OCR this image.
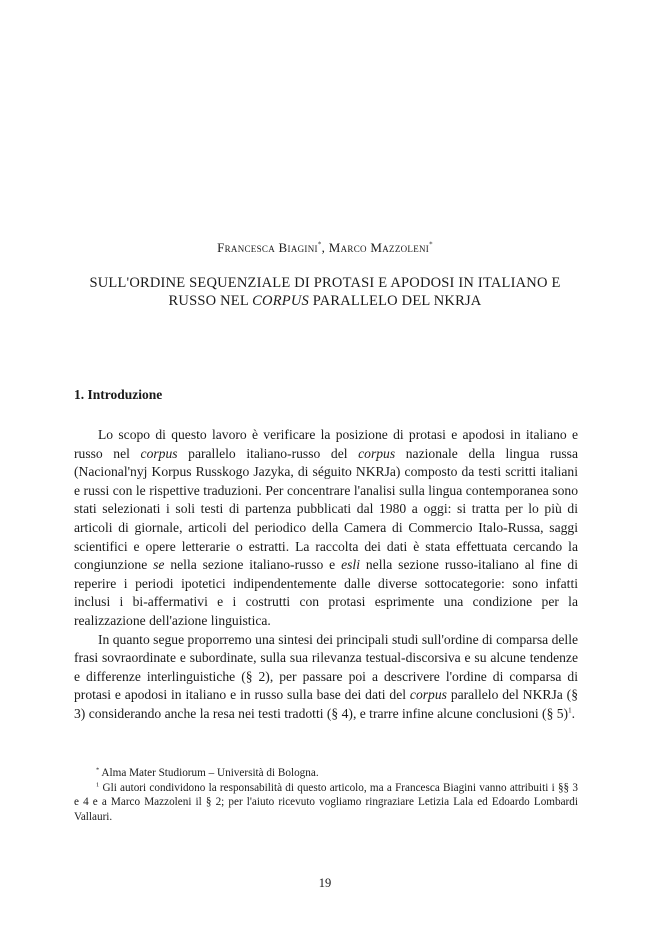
Francesca Biagini*, Marco Mazzoleni*
SULL'ORDINE SEQUENZIALE DI PROTASI E APODOSI IN ITALIANO E
RUSSO NEL CORPUS PARALLELO DEL NKRJA
1. Introduzione

Lo scopo di questo lavoro è verificare la posizione di protasi e apodosi in italiano e russo nel corpus parallelo italiano-russo del corpus nazionale della lingua russa (Nacional'nyj Korpus Russkogo Jazyka, di séguito NKRJa) composto da testi scritti italiani e russi con le rispettive traduzioni. Per concentrare l'analisi sulla lingua contemporanea sono stati selezionati i soli testi di partenza pubblicati dal 1980 a oggi: si tratta per lo più di articoli di giornale, articoli del periodico della Camera di Commercio Italo-Russa, saggi scientifici e opere letterarie o estratti. La raccolta dei dati è stata effettuata cercando la congiunzione se nella sezione italiano-russo e esli nella sezione russo-italiano al fine di reperire i periodi ipotetici indipendentemente dalle diverse sottocategorie: sono infatti inclusi i bi-affermativi e i costrutti con protasi esprimente una condizione per la realizzazione dell'azione linguistica.

In quanto segue proporremo una sintesi dei principali studi sull'ordine di comparsa delle frasi sovraordinate e subordinate, sulla sua rilevanza testual-discorsiva e su alcune tendenze e differenze interlinguistiche (§ 2), per passare poi a descrivere l'ordine di comparsa di protasi e apodosi in italiano e in russo sulla base dei dati del corpus parallelo del NKRJa (§ 3) considerando anche la resa nei testi tradotti (§ 4), e trarre infine alcune conclusioni (§ 5)$^1$.

* Alma Mater Studiorum – Università di Bologna.

$^1$ Gli autori condividono la responsabilità di questo articolo, ma a Francesca Biagini vanno attribuiti i §§ 3 e 4 e a Marco Mazzoleni il § 2; per l'aiuto ricevuto vogliamo ringraziare Letizia Lala ed Edoardo Lombardi Vallauri.

19
